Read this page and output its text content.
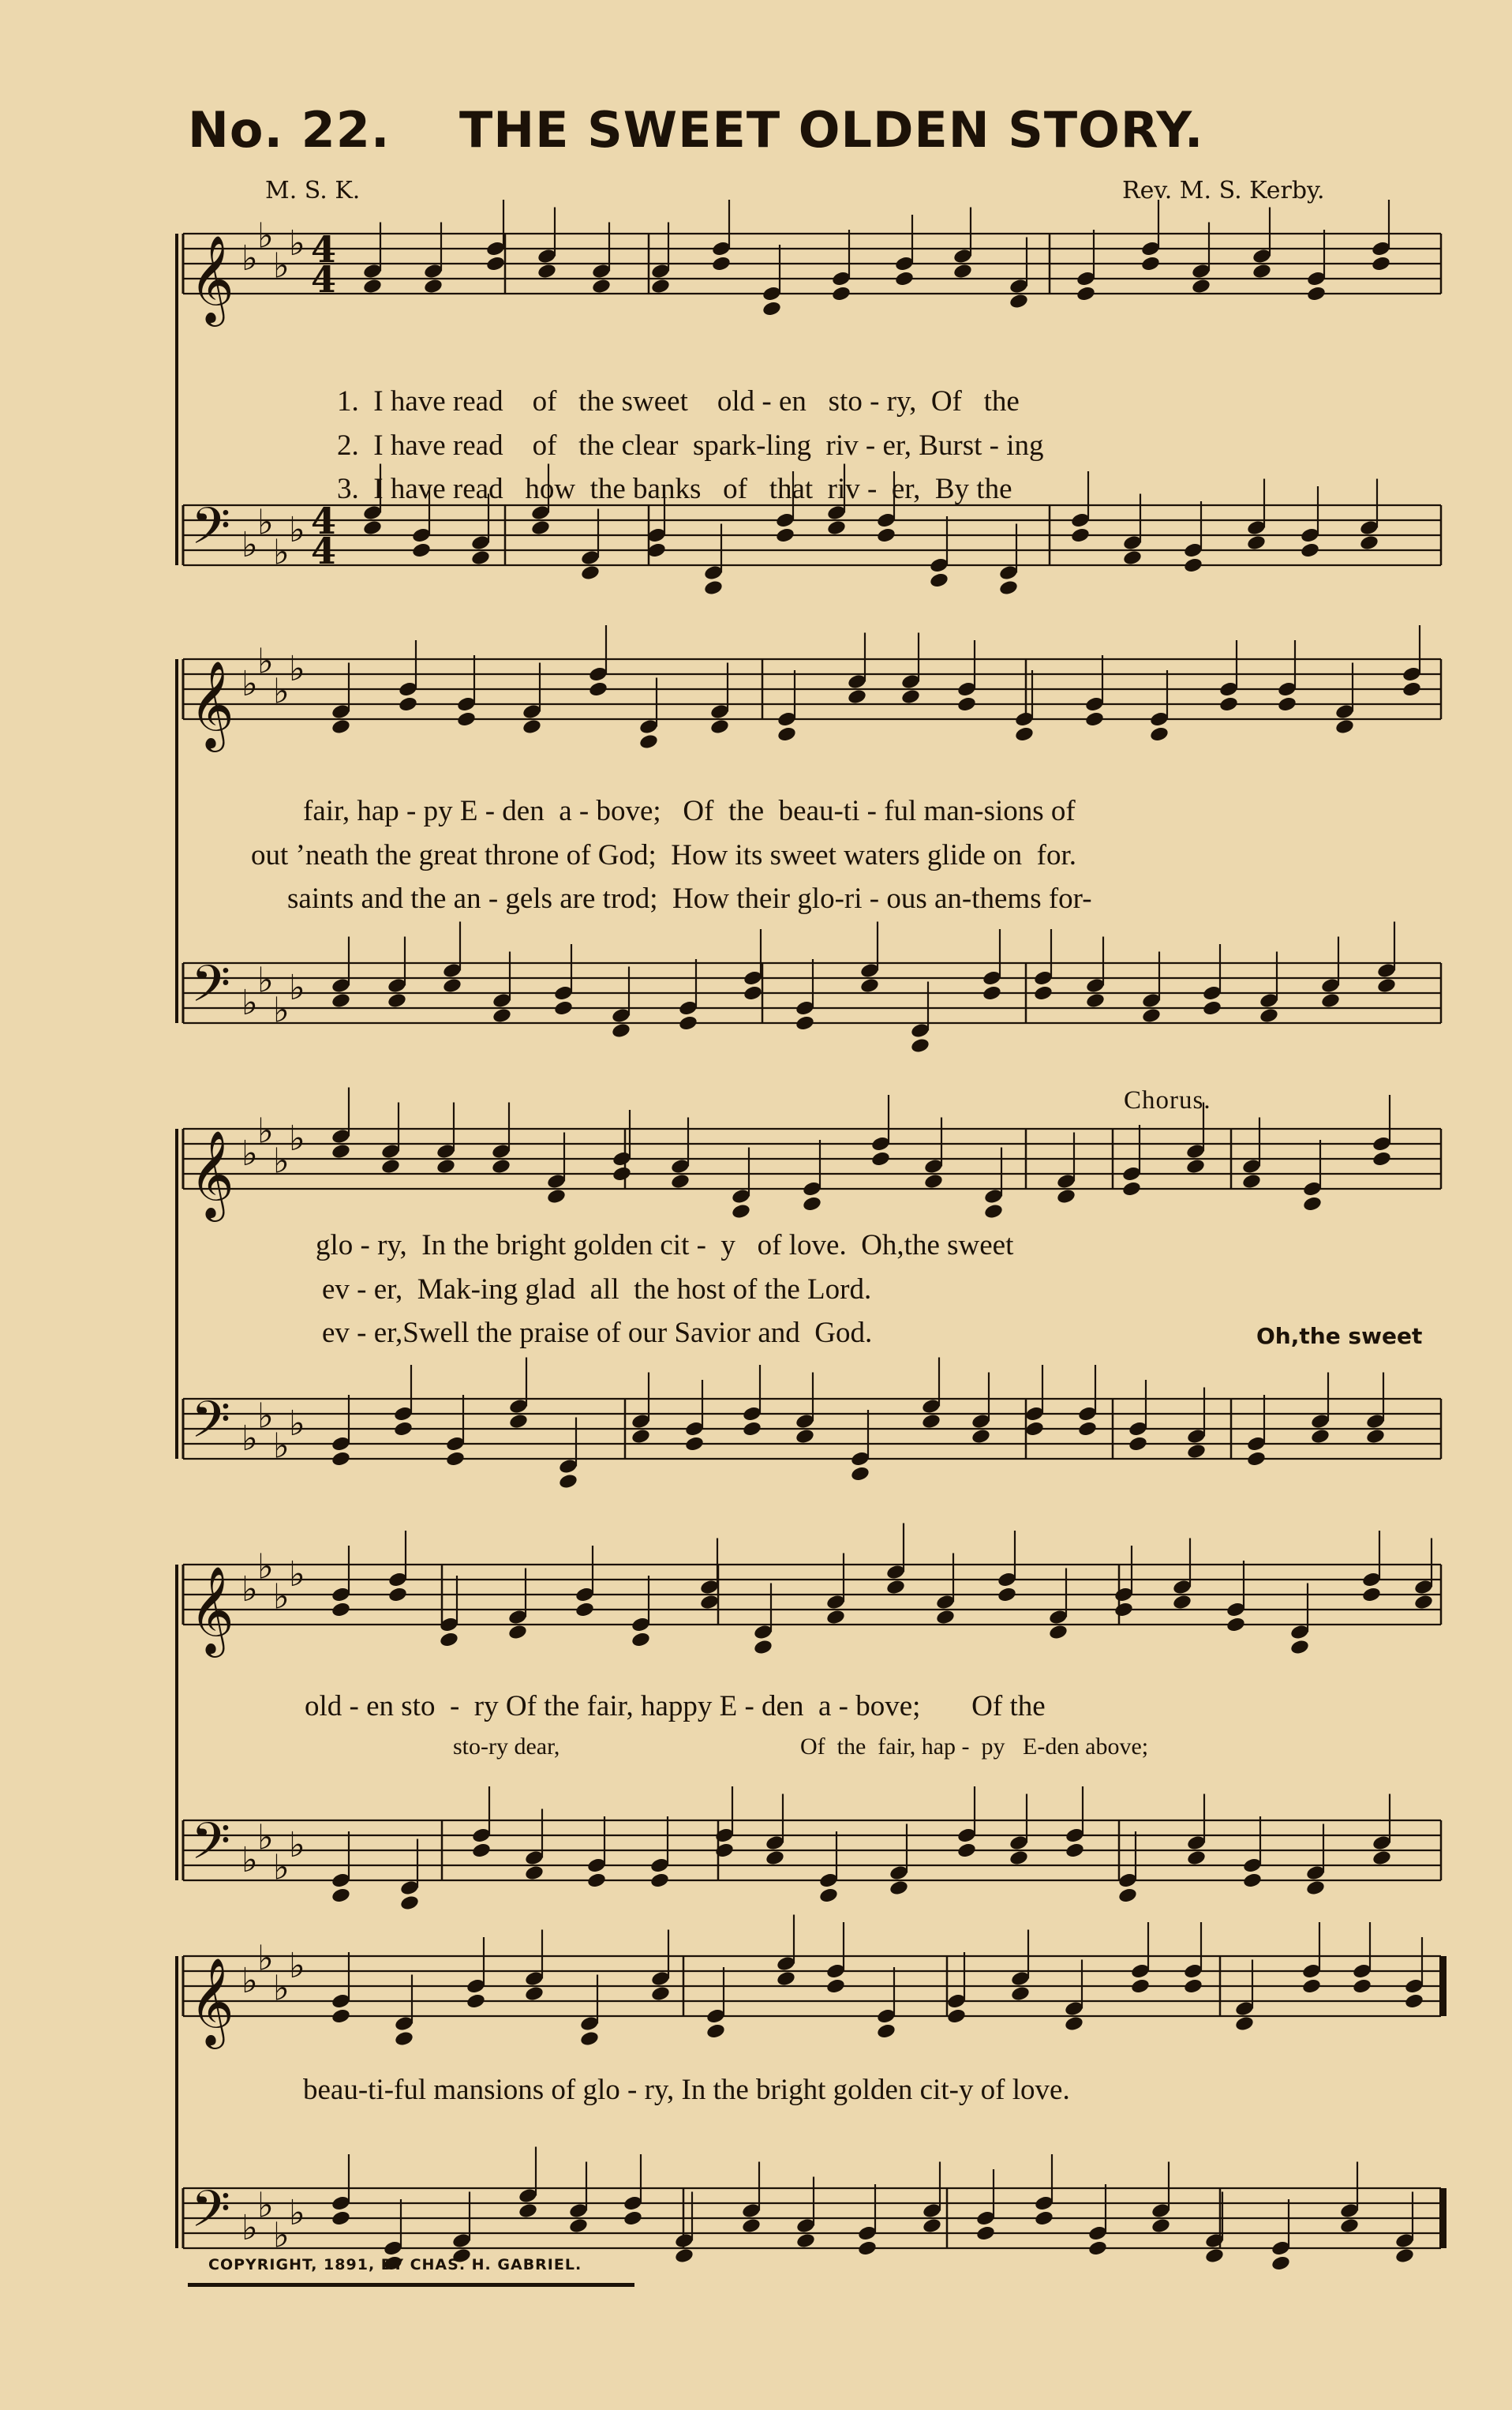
No. 22. THE SWEET OLDEN STORY.
M. S. K.	Rev. M. S. Kerby.
𝄞 ♭
♭
♭
♭ 4
4
𝄢 ♭
♭
♭
♭ 4
4
𝄞 ♭
♭
♭
♭
𝄢 ♭
♭
♭
♭
𝄞 ♭
♭
♭
♭
𝄢 ♭
♭
♭
♭
𝄞 ♭
♭
♭
♭
𝄢 ♭
♭
♭
♭
𝄞 ♭
♭
♭
♭
𝄢 ♭
♭
♭
♭

1. I have read of the sweet old - en sto - ry, Of the

2. I have read of the clear spark-ling riv - er, Burst - ing

3. I have read how the banks of that riv - er, By the

fair, hap - py E - den  a - bove;   Of  the  beau-ti - ful man-sions of
out ’neath the great throne of God;  How its sweet waters glide on  for.
saints and the an - gels are trod;  How their glo-ri - ous an-thems for-
Chorus.
glo - ry,  In the bright golden cit -  y   of love.  Oh,the sweet
ev - er,  Mak-ing glad  all  the host of the Lord.
ev - er,Swell the praise of our Savior and  God.	Oh,the sweet
old - en sto  -  ry Of the fair, happy E - den  a - bove;       Of the
sto-ry dear,	Of  the  fair, hap -  py   E-den above;
beau-ti-ful mansions of glo - ry, In the bright golden cit-y of love.
COPYRIGHT, 1891, BY CHAS. H. GABRIEL.
